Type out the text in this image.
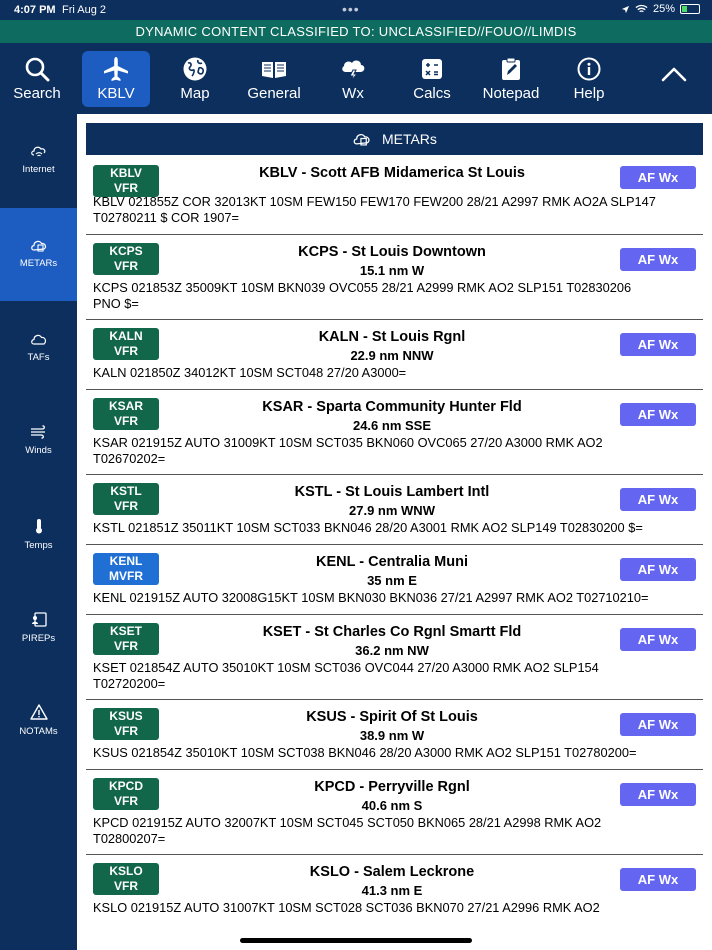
4:07 PM Fri Aug 2	•••	25%
DYNAMIC CONTENT CLASSIFIED TO: UNCLASSIFIED//FOUO//LIMDIS
Search	KBLV	Map	General	Wx	Calcs	Notepad	Help
Internet
METARs
TAFs
Winds
Temps
PIREPs
NOTAMs
METARs
KBLV
VFR
KBLV - Scott AFB Midamerica St Louis	AF Wx
KBLV 021855Z COR 32013KT 10SM FEW150 FEW170 FEW200 28/21 A2997 RMK AO2A SLP147
T02780211 $ COR 1907=
KCPS
VFR
KCPS - St Louis Downtown
15.1 nm W
AF Wx
KCPS 021853Z 35009KT 10SM BKN039 OVC055 28/21 A2999 RMK AO2 SLP151 T02830206
PNO $=
KALN
VFR
KALN - St Louis Rgnl
22.9 nm NNW
AF Wx
KALN 021850Z 34012KT 10SM SCT048 27/20 A3000=
KSAR
VFR
KSAR - Sparta Community Hunter Fld
24.6 nm SSE
AF Wx
KSAR 021915Z AUTO 31009KT 10SM SCT035 BKN060 OVC065 27/20 A3000 RMK AO2
T02670202=
KSTL
VFR
KSTL - St Louis Lambert Intl
27.9 nm WNW
AF Wx
KSTL 021851Z 35011KT 10SM SCT033 BKN046 28/20 A3001 RMK AO2 SLP149 T02830200 $=
KENL
MVFR
KENL - Centralia Muni
35 nm E
AF Wx
KENL 021915Z AUTO 32008G15KT 10SM BKN030 BKN036 27/21 A2997 RMK AO2 T02710210=
KSET
VFR
KSET - St Charles Co Rgnl Smartt Fld
36.2 nm NW
AF Wx
KSET 021854Z AUTO 35010KT 10SM SCT036 OVC044 27/20 A3000 RMK AO2 SLP154
T02720200=
KSUS
VFR
KSUS - Spirit Of St Louis
38.9 nm W
AF Wx
KSUS 021854Z 35010KT 10SM SCT038 BKN046 28/20 A3000 RMK AO2 SLP151 T02780200=
KPCD
VFR
KPCD - Perryville Rgnl
40.6 nm S
AF Wx
KPCD 021915Z AUTO 32007KT 10SM SCT045 SCT050 BKN065 28/21 A2998 RMK AO2
T02800207=
KSLO
VFR
KSLO - Salem Leckrone
41.3 nm E
AF Wx
KSLO 021915Z AUTO 31007KT 10SM SCT028 SCT036 BKN070 27/21 A2996 RMK AO2
